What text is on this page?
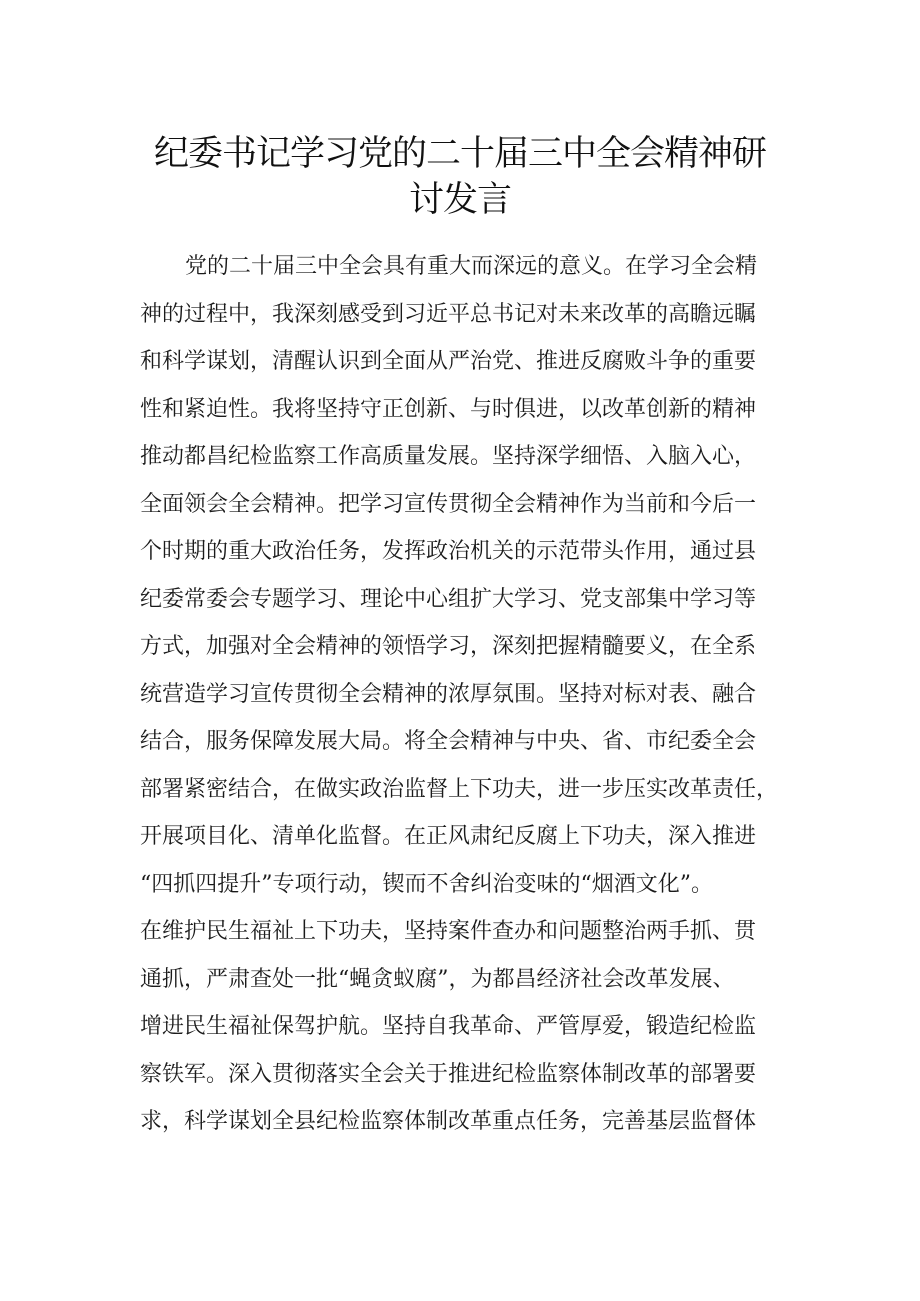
纪委书记学习党的二十届三中全会精神研
讨发言

党的二十届三中全会具有重大而深远的意义。在学习全会精

神的过程中，我深刻感受到习近平总书记对未来改革的高瞻远瞩

和科学谋划，清醒认识到全面从严治党、推进反腐败斗争的重要

性和紧迫性。我将坚持守正创新、与时俱进，以改革创新的精神

推动都昌纪检监察工作高质量发展。坚持深学细悟、入脑入心，

全面领会全会精神。把学习宣传贯彻全会精神作为当前和今后一

个时期的重大政治任务，发挥政治机关的示范带头作用，通过县

纪委常委会专题学习、理论中心组扩大学习、党支部集中学习等

方式，加强对全会精神的领悟学习，深刻把握精髓要义，在全系

统营造学习宣传贯彻全会精神的浓厚氛围。坚持对标对表、融合

结合，服务保障发展大局。将全会精神与中央、省、市纪委全会

部署紧密结合，在做实政治监督上下功夫，进一步压实改革责任，

开展项目化、清单化监督。在正风肃纪反腐上下功夫，深入推进

“四抓四提升”专项行动，锲而不舍纠治变味的“烟酒文化”。

在维护民生福祉上下功夫，坚持案件查办和问题整治两手抓、贯

通抓，严肃查处一批“蝇贪蚁腐”，为都昌经济社会改革发展、

增进民生福祉保驾护航。坚持自我革命、严管厚爱，锻造纪检监

察铁军。深入贯彻落实全会关于推进纪检监察体制改革的部署要

求，科学谋划全县纪检监察体制改革重点任务，完善基层监督体
